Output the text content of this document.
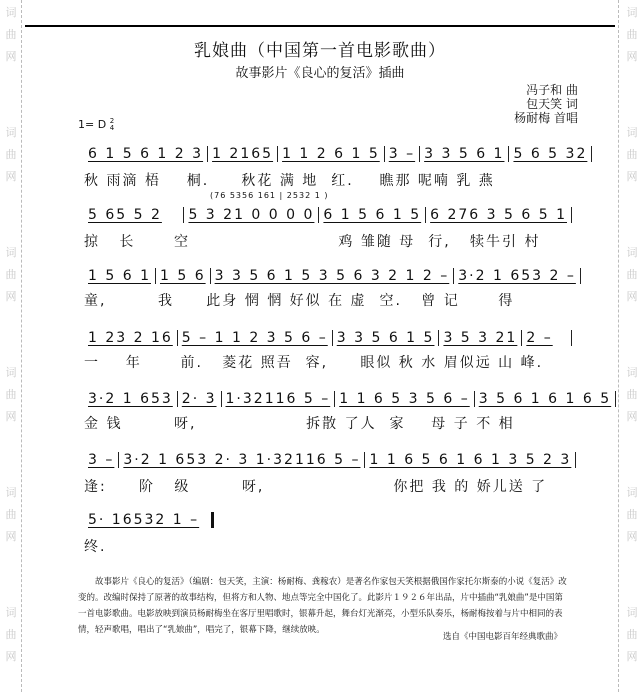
词
曲
网
词
曲
网
词
曲
网
词
曲
网
词
曲
网
词
曲
网
词
曲
网
词
曲
网
词
曲
网
词
曲
网
词
曲
网
词
曲
网
乳娘曲（中国第一首电影歌曲）
故事影片《良心的复活》插曲
冯子和 曲
包天笑 词
杨耐梅 首唱
1= D 2
4
(76 5356 161 | 2532 1 )
6 1 5 6 1 2 3 1 2165 1 1 2 6 1 5 3 – 3 3 5 6 1 5 6 5 32
秋 雨滴 梧    桐.     秋花 满 地  红.    瞧那 呢喃 乳 燕
5 65 5 2	5 3 21 0 0 0 0 6 1 5 6 1 5 6 276 3 5 6 5 1
掠   长      空                       鸡 雏随 母  行,   犊牛引 村
1 5 6 1 1 5 6 3 3 5 6 1 5 3 5 6 3 2 1 2 – 3·2 1 653 2 –
童,        我     此身 惘 惘 好似 在 虚  空.   曾 记      得
1 23 2 16 5 – 1 1 2 3 5 6 – 3 3 5 6 1 5 3 5 3 21 2 –
一    年      前.   菱花 照吾  容,     眼似 秋 水 眉似远 山 峰.
3·2 1 653 2· 3 1·32116 5 – 1 1 6 5 3 5 6 – 3 5 6 1 6 1 6 5
金 钱        呀,                 拆散 了人  家    母 子 不 相
3 – 3·2 1 653 2· 3 1·32116 5 – 1 1 6 5 6 1 6 1 3 5 2 3
逢:     阶   级        呀,                    你把 我 的 娇儿送 了
5· 16532 1 –
终.
故事影片《良心的复活》（编剧：包天笑，主演：杨耐梅、龚稼农）是著名作家包天笑根据俄国作家托尔斯泰的小说《复活》改变的。改编时保持了原著的故事结构，但将方和人物、地点等完全中国化了。此影片１９２６年出品，片中插曲“乳娘曲”是中国第一首电影歌曲。电影放映到演员杨耐梅坐在客厅里唱歌时，银幕升起，舞台灯光渐亮，小型乐队奏乐，杨耐梅按着与片中相同的表情，轻声歌唱，唱出了“乳娘曲”，唱完了，银幕下降，继续放映。
选自《中国电影百年经典歌曲》
